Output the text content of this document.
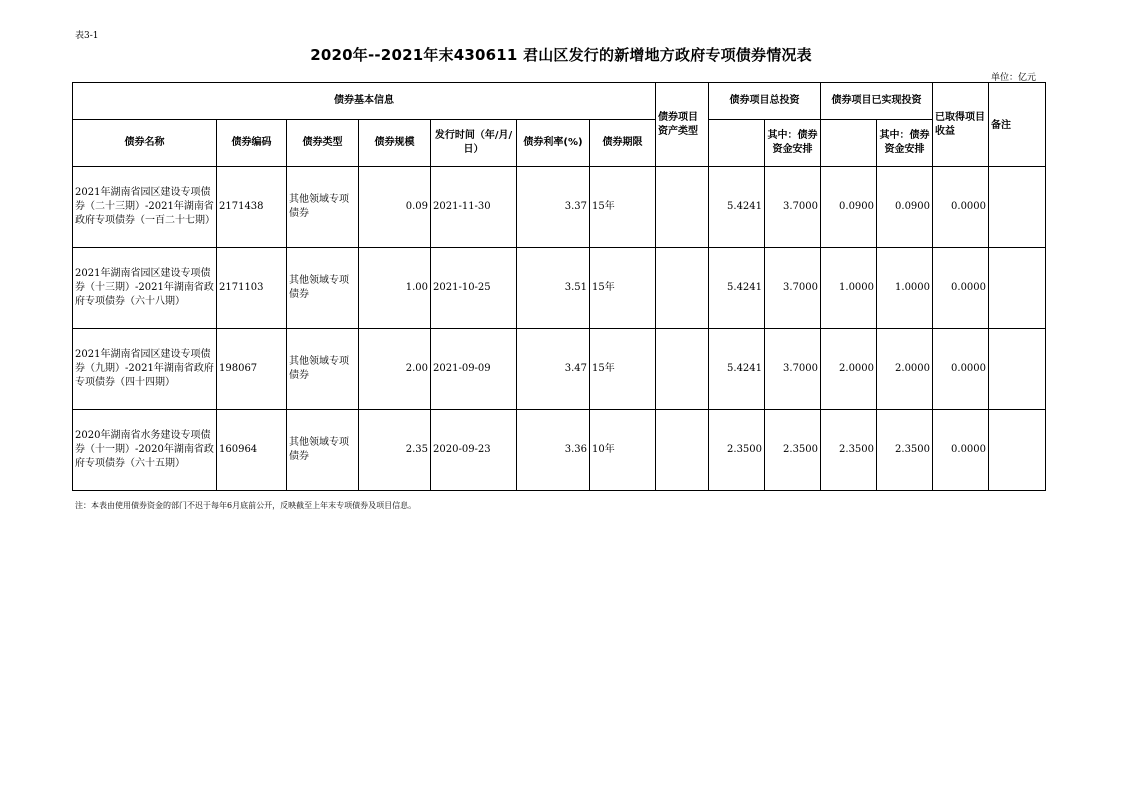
表3-1
2020年--2021年末430611 君山区发行的新增地方政府专项债券情况表
单位：亿元
债券基本信息							债券项目资产类型	债券项目总投资		债券项目已实现投资		已取得项目收益	备注
债券名称	债券编码	债券类型	债券规模	发行时间（年/月/日）	债券利率(%)	债券期限			其中：债券资金安排		其中：债券资金安排		
2021年湖南省园区建设专项债券（二十三期）-2021年湖南省政府专项债券（一百二十七期）	2171438	其他领域专项债券	0.09	2021-11-30	3.37	15年		5.4241	3.7000	0.0900	0.0900	0.0000	
2021年湖南省园区建设专项债券（十三期）-2021年湖南省政府专项债券（六十八期）	2171103	其他领域专项债券	1.00	2021-10-25	3.51	15年		5.4241	3.7000	1.0000	1.0000	0.0000	
2021年湖南省园区建设专项债券（九期）-2021年湖南省政府专项债券（四十四期）	198067	其他领域专项债券	2.00	2021-09-09	3.47	15年		5.4241	3.7000	2.0000	2.0000	0.0000	
2020年湖南省水务建设专项债券（十一期）-2020年湖南省政府专项债券（六十五期）	160964	其他领域专项债券	2.35	2020-09-23	3.36	10年		2.3500	2.3500	2.3500	2.3500	0.0000	
注：本表由使用债券资金的部门不迟于每年6月底前公开，反映截至上年末专项债券及项目信息。
